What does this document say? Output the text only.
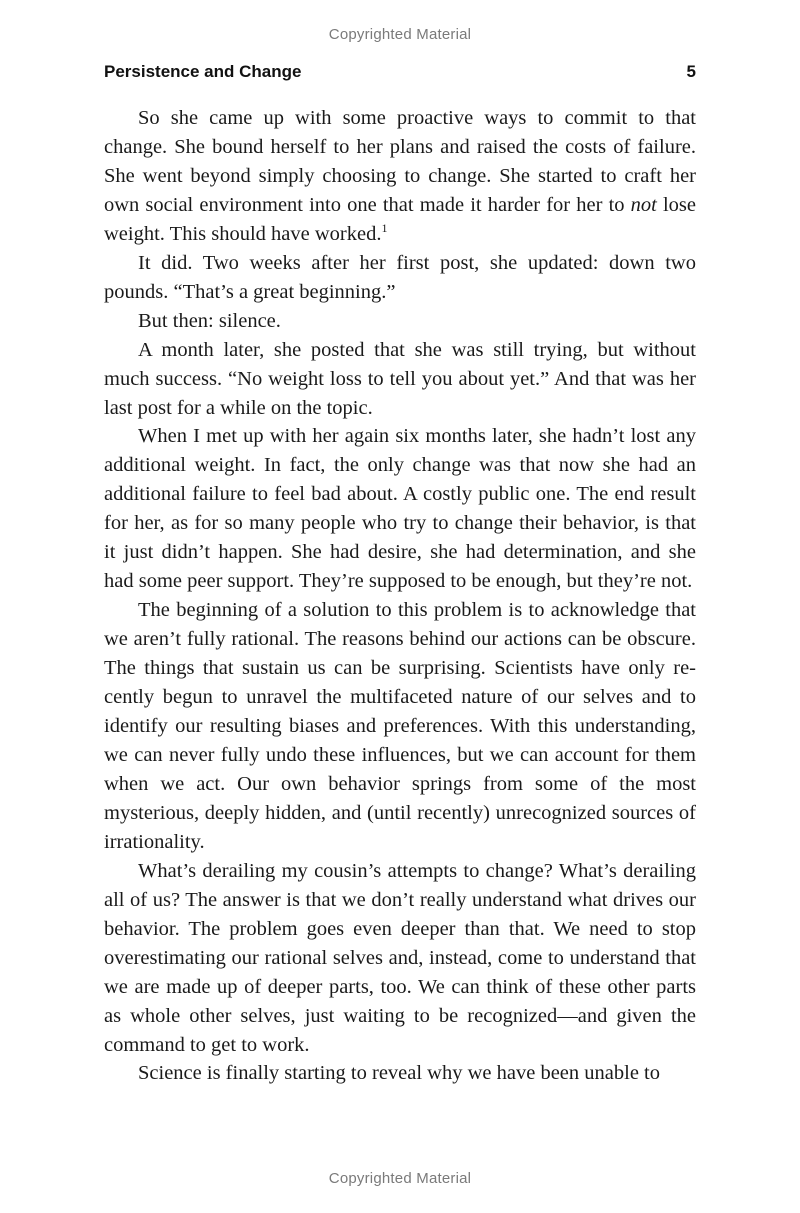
Copyrighted Material
Persistence and Change	5

So she came up with some proactive ways to commit to that change. She bound herself to her plans and raised the costs of failure. She went beyond simply choosing to change. She started to craft her own social environment into one that made it harder for her to not lose weight. This should have worked.$^1$

It did. Two weeks after her first post, she updated: down two pounds. “That’s a great beginning.”

But then: silence.

A month later, she posted that she was still trying, but without much success. “No weight loss to tell you about yet.” And that was her last post for a while on the topic.

When I met up with her again six months later, she hadn’t lost any additional weight. In fact, the only change was that now she had an additional failure to feel bad about. A costly public one. The end result for her, as for so many people who try to change their behavior, is that it just didn’t happen. She had desire, she had determination, and she had some peer support. They’re supposed to be enough, but they’re not.

The beginning of a solution to this problem is to acknowledge that we aren’t fully rational. The reasons behind our actions can be obscure. The things that sustain us can be surprising. Scientists have only recently begun to unravel the multifaceted nature of our selves and to identify our resulting biases and preferences. With this understanding, we can never fully undo these influences, but we can account for them when we act. Our own behavior springs from some of the most mysterious, deeply hidden, and (until recently) unrecognized sources of irrationality.

What’s derailing my cousin’s attempts to change? What’s derailing all of us? The answer is that we don’t really understand what drives our behavior. The problem goes even deeper than that. We need to stop overestimating our rational selves and, instead, come to understand that we are made up of deeper parts, too. We can think of these other parts as whole other selves, just waiting to be recognized—and given the command to get to work.

Science is finally starting to reveal why we have been unable to

Copyrighted Material
